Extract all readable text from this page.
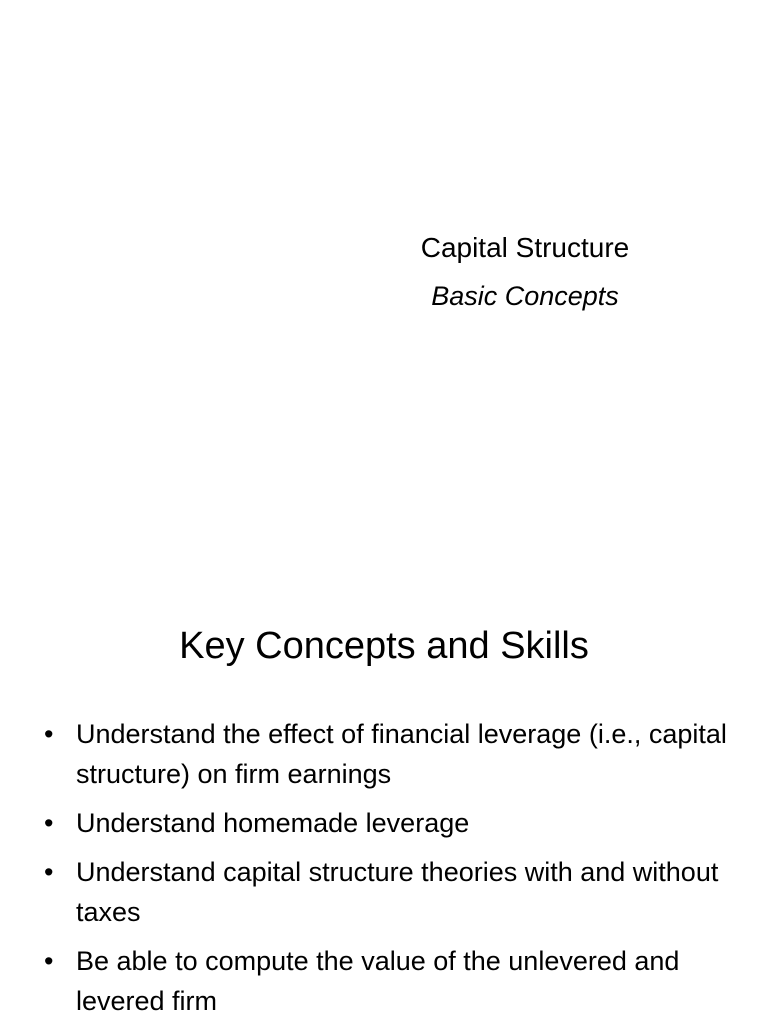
Capital Structure
Basic Concepts
Key Concepts and Skills
• Understand the effect of financial leverage (i.e., capital structure) on firm earnings
• Understand homemade leverage
• Understand capital structure theories with and without taxes
• Be able to compute the value of the unlevered and levered firm
